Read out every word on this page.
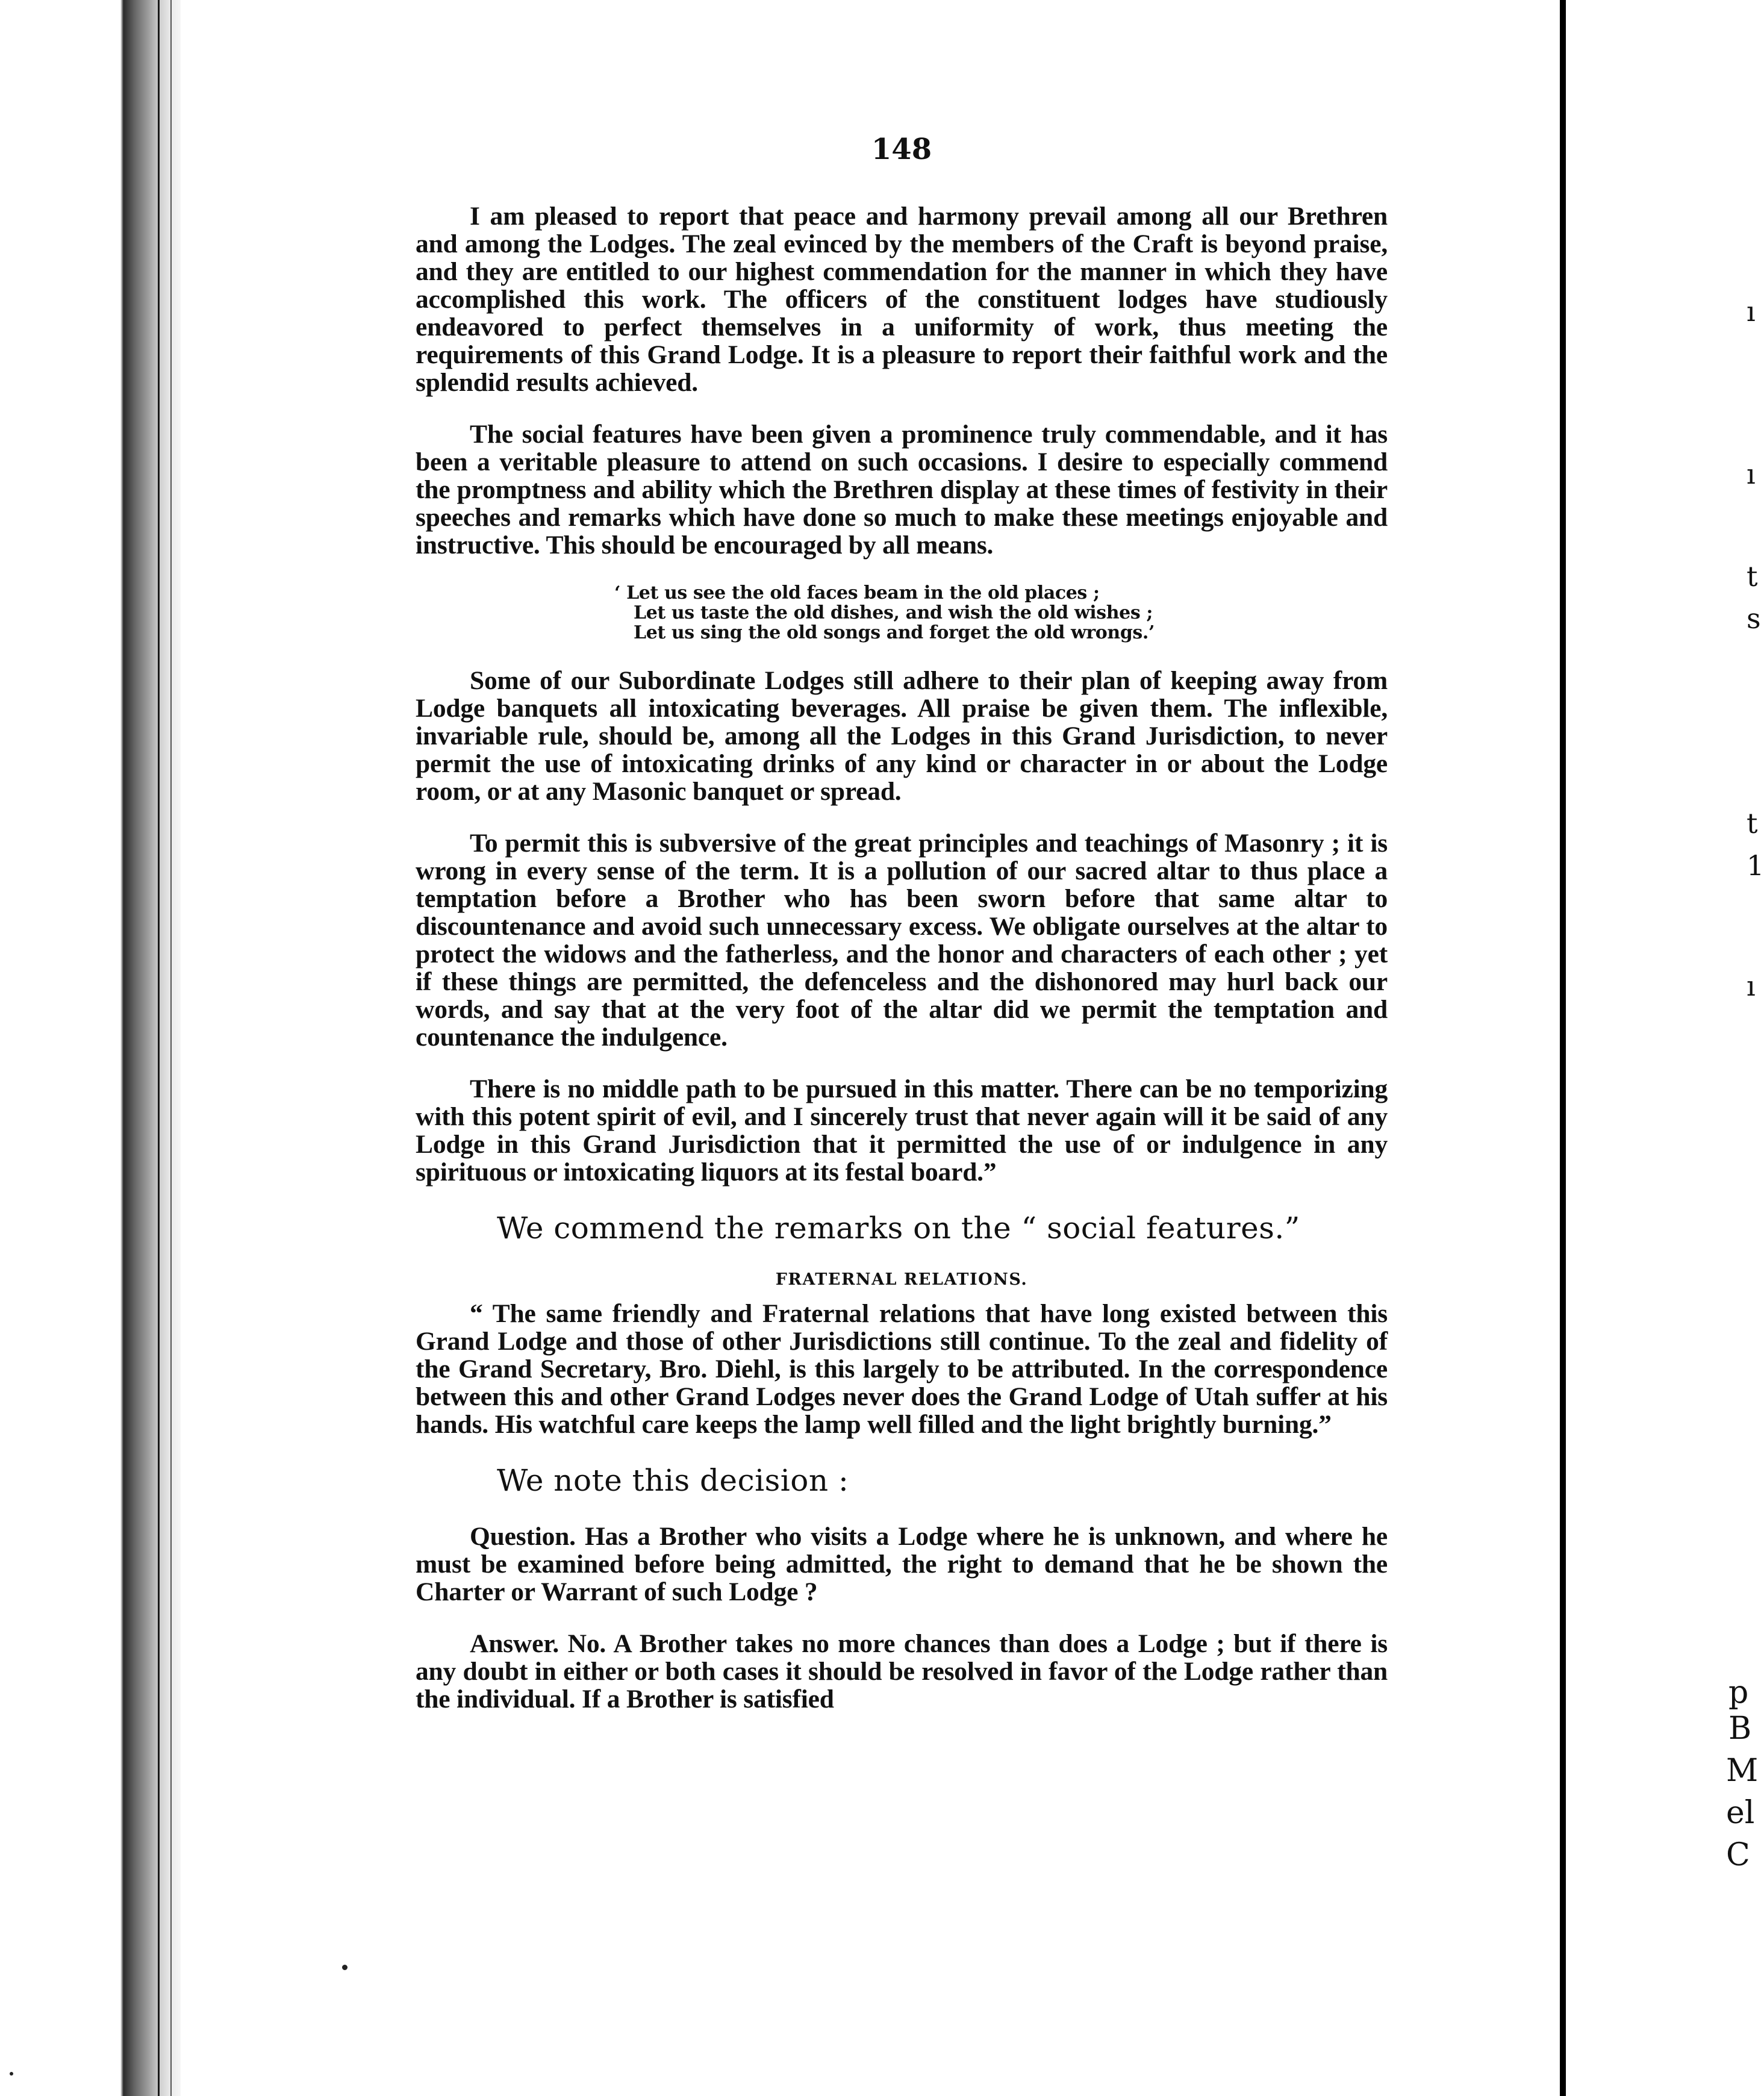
ı
ı
t
s
t
1
ı
p
B
M
el
C
148

I am pleased to report that peace and harmony prevail among all our Brethren and among the Lodges. The zeal evinced by the members of the Craft is beyond praise, and they are entitled to our highest commendation for the manner in which they have accomplished this work. The officers of the constituent lodges have studiously endeavored to perfect themselves in a uniformity of work, thus meeting the requirements of this Grand Lodge. It is a pleasure to report their faithful work and the splendid results achieved.

The social features have been given a prominence truly commendable, and it has been a veritable pleasure to attend on such occasions. I desire to especially commend the promptness and ability which the Brethren display at these times of festivity in their speeches and remarks which have done so much to make these meetings enjoyable and instructive. This should be encouraged by all means.

‘ Let us see the old faces beam in the old places ;
Let us taste the old dishes, and wish the old wishes ;
Let us sing the old songs and forget the old wrongs.’

Some of our Subordinate Lodges still adhere to their plan of keeping away from Lodge banquets all intoxicating beverages. All praise be given them. The inflexible, invariable rule, should be, among all the Lodges in this Grand Jurisdiction, to never permit the use of intoxicating drinks of any kind or character in or about the Lodge room, or at any Masonic banquet or spread.

To permit this is subversive of the great principles and teachings of Masonry ; it is wrong in every sense of the term. It is a pollution of our sacred altar to thus place a temptation before a Brother who has been sworn before that same altar to discountenance and avoid such unnecessary excess. We obligate ourselves at the altar to protect the widows and the fatherless, and the honor and characters of each other ; yet if these things are permitted, the defenceless and the dishonored may hurl back our words, and say that at the very foot of the altar did we permit the temptation and countenance the indulgence.

There is no middle path to be pursued in this matter. There can be no temporizing with this potent spirit of evil, and I sincerely trust that never again will it be said of any Lodge in this Grand Jurisdiction that it permitted the use of or indulgence in any spirituous or intoxicating liquors at its festal board.”

We commend the remarks on the “ social features.”
FRATERNAL RELATIONS.

“ The same friendly and Fraternal relations that have long existed between this Grand Lodge and those of other Jurisdictions still continue. To the zeal and fidelity of the Grand Secretary, Bro. Diehl, is this largely to be attributed. In the correspondence between this and other Grand Lodges never does the Grand Lodge of Utah suffer at his hands. His watchful care keeps the lamp well filled and the light brightly burning.”

We note this decision :

Question. Has a Brother who visits a Lodge where he is unknown, and where he must be examined before being admitted, the right to demand that he be shown the Charter or Warrant of such Lodge ?

Answer. No. A Brother takes no more chances than does a Lodge ; but if there is any doubt in either or both cases it should be resolved in favor of the Lodge rather than the individual. If a Brother is satisfied
